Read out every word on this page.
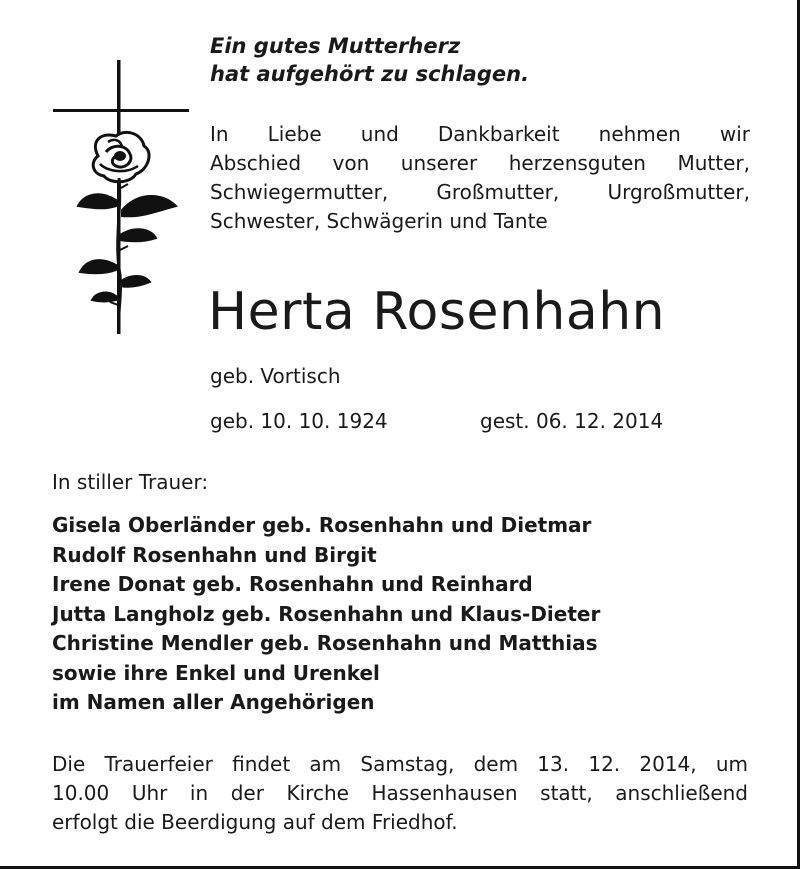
Ein gutes Mutterherz
hat aufgehört zu schlagen.

In Liebe und Dankbarkeit nehmen wir
Abschied von unserer herzensguten Mutter,
Schwiegermutter, Großmutter, Urgroßmutter,
Schwester, Schwägerin und Tante

Herta Rosenhahn

geb. Vortisch

geb. 10. 10. 1924	gest. 06. 12. 2014

In stiller Trauer:

Gisela Oberländer geb. Rosenhahn und Dietmar
Rudolf Rosenhahn und Birgit
Irene Donat geb. Rosenhahn und Reinhard
Jutta Langholz geb. Rosenhahn und Klaus-Dieter
Christine Mendler geb. Rosenhahn und Matthias
sowie ihre Enkel und Urenkel
im Namen aller Angehörigen

Die Trauerfeier findet am Samstag, dem 13. 12. 2014, um
10.00 Uhr in der Kirche Hassenhausen statt, anschließend
erfolgt die Beerdigung auf dem Friedhof.
